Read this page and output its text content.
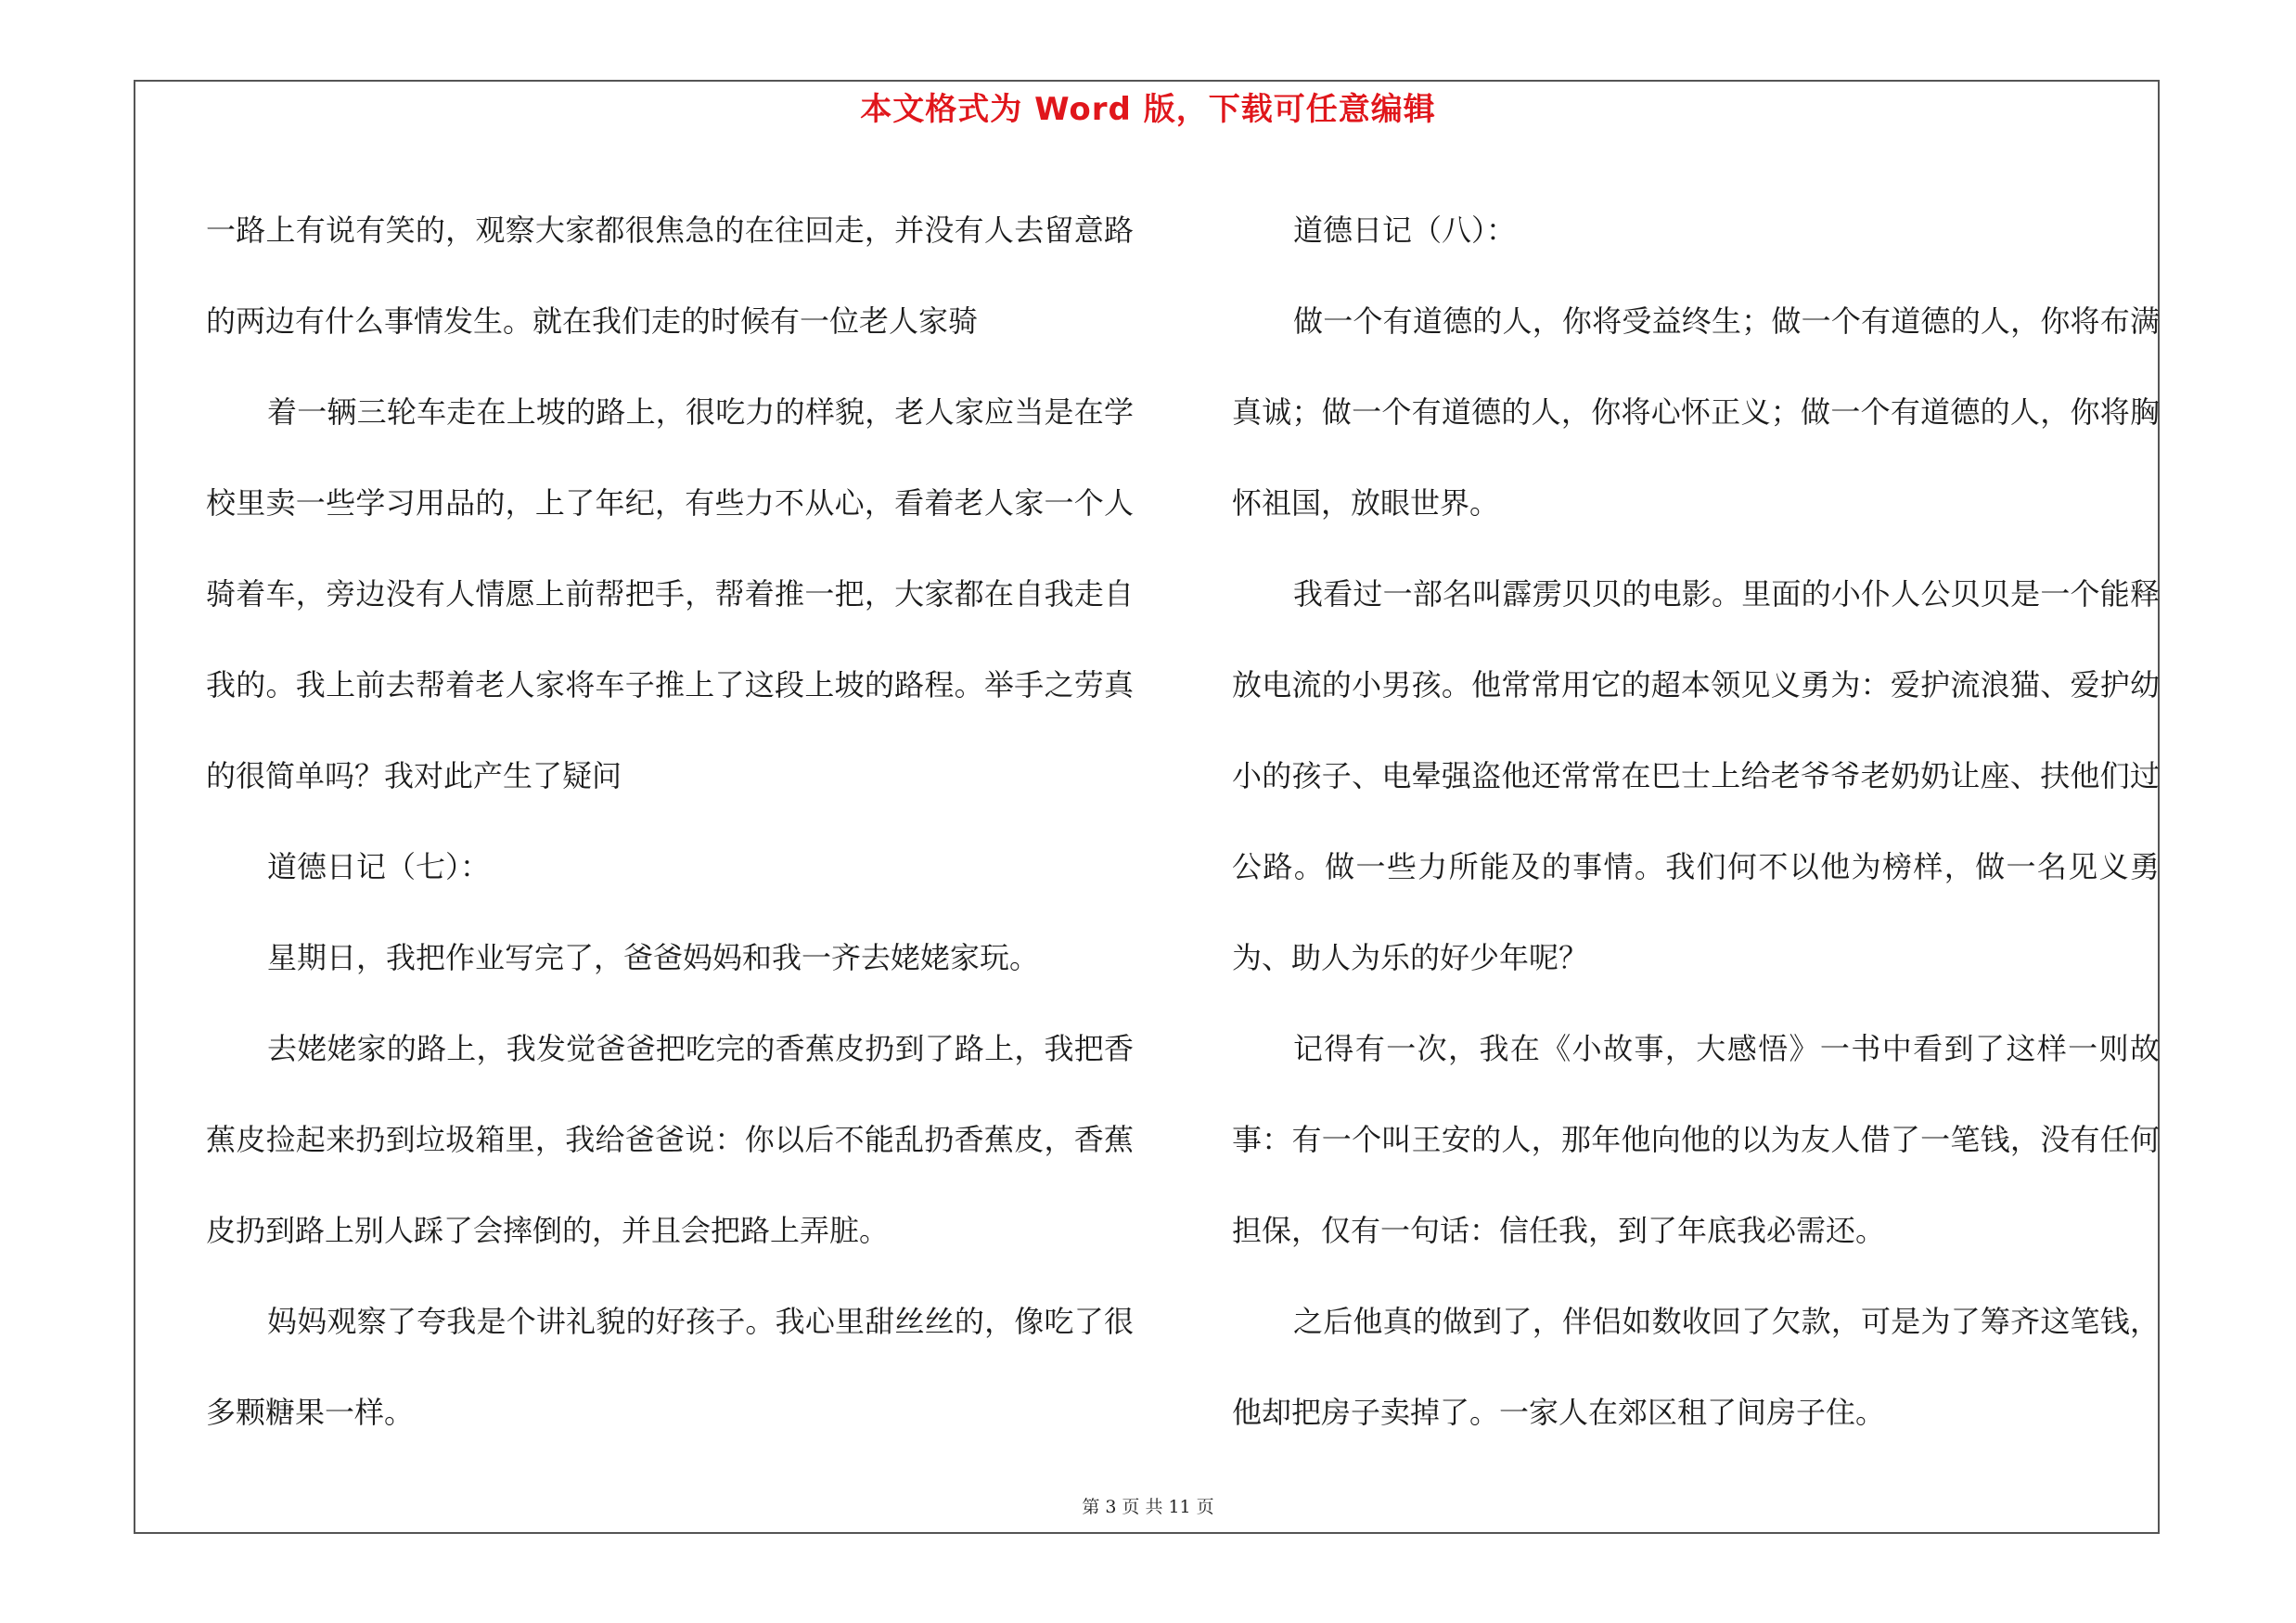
本文格式为 Word 版，下载可任意编辑

一路上有说有笑的，观察大家都很焦急的在往回走，并没有人去留意路的两边有什么事情发生。就在我们走的时候有一位老人家骑

着一辆三轮车走在上坡的路上，很吃力的样貌，老人家应当是在学校里卖一些学习用品的，上了年纪，有些力不从心，看着老人家一个人骑着车，旁边没有人情愿上前帮把手，帮着推一把，大家都在自我走自我的。我上前去帮着老人家将车子推上了这段上坡的路程。举手之劳真的很简单吗？我对此产生了疑问

道德日记（七）：

星期日，我把作业写完了，爸爸妈妈和我一齐去姥姥家玩。

去姥姥家的路上，我发觉爸爸把吃完的香蕉皮扔到了路上，我把香蕉皮捡起来扔到垃圾箱里，我给爸爸说：你以后不能乱扔香蕉皮，香蕉皮扔到路上别人踩了会摔倒的，并且会把路上弄脏。

妈妈观察了夸我是个讲礼貌的好孩子。我心里甜丝丝的，像吃了很多颗糖果一样。

道德日记（八）：

做一个有道德的人，你将受益终生；做一个有道德的人，你将布满真诚；做一个有道德的人，你将心怀正义；做一个有道德的人，你将胸怀祖国，放眼世界。

我看过一部名叫霹雳贝贝的电影。里面的小仆人公贝贝是一个能释放电流的小男孩。他常常用它的超本领见义勇为：爱护流浪猫、爱护幼小的孩子、电晕强盗他还常常在巴士上给老爷爷老奶奶让座、扶他们过公路。做一些力所能及的事情。我们何不以他为榜样，做一名见义勇为、助人为乐的好少年呢？

记得有一次，我在《小故事，大感悟》一书中看到了这样一则故事：有一个叫王安的人，那年他向他的以为友人借了一笔钱，没有任何担保，仅有一句话：信任我，到了年底我必需还。

之后他真的做到了，伴侣如数收回了欠款，可是为了筹齐这笔钱，他却把房子卖掉了。一家人在郊区租了间房子住。

第 3 页 共 11 页
